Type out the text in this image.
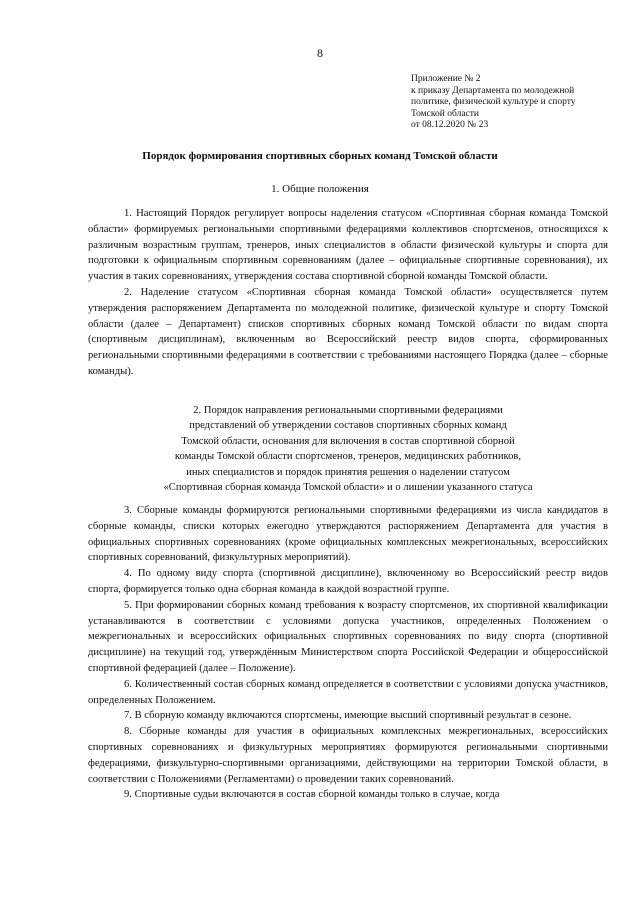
8
Приложение № 2
к приказу Департамента по молодежной
политике, физической культуре и спорту
Томской области
от 08.12.2020 № 23
Порядок формирования спортивных сборных команд Томской области
1. Общие положения

1. Настоящий Порядок регулирует вопросы наделения статусом «Спортивная сборная команда Томской области» формируемых региональными спортивными федерациями коллективов спортсменов, относящихся к различным возрастным группам, тренеров, иных специалистов в области физической культуры и спорта для подготовки к официальным спортивным соревнованиям (далее – официальные спортивные соревнования), их участия в таких соревнованиях, утверждения состава спортивной сборной команды Томской области.

2. Наделение статусом «Спортивная сборная команда Томской области» осуществляется путем утверждения распоряжением Департамента по молодежной политике, физической культуре и спорту Томской области (далее – Департамент) списков спортивных сборных команд Томской области по видам спорта (спортивным дисциплинам), включенным во Всероссийский реестр видов спорта, сформированных региональными спортивными федерациями в соответствии с требованиями настоящего Порядка (далее – сборные команды).

2. Порядок направления региональными спортивными федерациями
представлений об утверждении составов спортивных сборных команд
Томской области, основания для включения в состав спортивной сборной
команды Томской области спортсменов, тренеров, медицинских работников,
иных специалистов и порядок принятия решения о наделении статусом
«Спортивная сборная команда Томской области» и о лишении указанного статуса

3. Сборные команды формируются региональными спортивными федерациями из числа кандидатов в сборные команды, списки которых ежегодно утверждаются распоряжением Департамента для участия в официальных спортивных соревнованиях (кроме официальных комплексных межрегиональных, всероссийских спортивных соревнований, физкультурных мероприятий).

4. По одному виду спорта (спортивной дисциплине), включенному во Всероссийский реестр видов спорта, формируется только одна сборная команда в каждой возрастной группе.

5. При формировании сборных команд требования к возрасту спортсменов, их спортивной квалификации устанавливаются в соответствии с условиями допуска участников, определенных Положением о межрегиональных и всероссийских официальных спортивных соревнованиях по виду спорта (спортивной дисциплине) на текущий год, утверждённым Министерством спорта Российской Федерации и общероссийской спортивной федерацией (далее – Положение).

6. Количественный состав сборных команд определяется в соответствии с условиями допуска участников, определенных Положением.

7. В сборную команду включаются спортсмены, имеющие высший спортивный результат в сезоне.

8. Сборные команды для участия в официальных комплексных межрегиональных, всероссийских спортивных соревнованиях и физкультурных мероприятиях формируются региональными спортивными федерациями, физкультурно-спортивными организациями, действующими на территории Томской области, в соответствии с Положениями (Регламентами) о проведении таких соревнований.

9. Спортивные судьи включаются в состав сборной команды только в случае, когда
